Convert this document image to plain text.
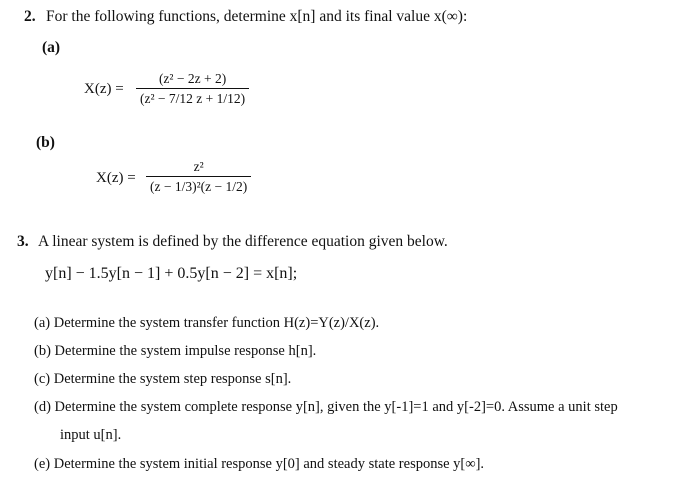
2. For the following functions, determine x[n] and its final value x(∞):
(a)
$X(z) = \frac{\text{(z² − 2z + 2)}}{\text{(z² − 7/12 z + 1/12)}}$
(b)
$X(z) = \frac{\text{z²}}{\text{(z − 1/3)²(z − 1/2)}}$
3. A linear system is defined by the difference equation given below.
y[n] − 1.5y[n − 1] + 0.5y[n − 2] = x[n];
(a) Determine the system transfer function H(z)=Y(z)/X(z).
(b) Determine the system impulse response h[n].
(c) Determine the system step response s[n].
(d) Determine the system complete response y[n], given the y[-1]=1 and y[-2]=0. Assume a unit step
input u[n].
(e) Determine the system initial response y[0] and steady state response y[∞].
